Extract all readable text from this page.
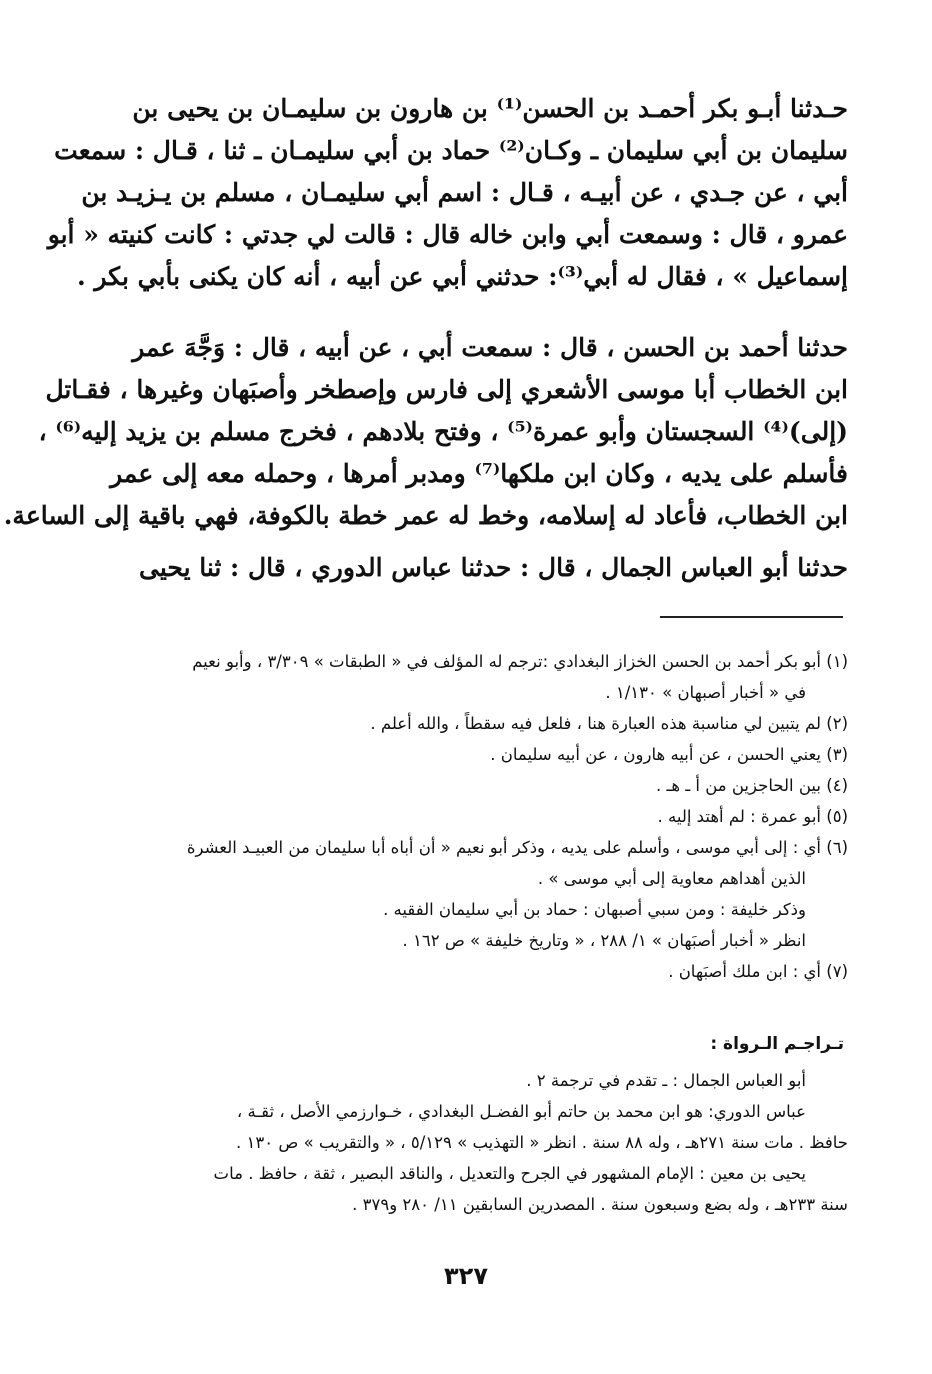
حـدثنا أبـو بكر أحمـد بن الحسن⁽¹⁾ بن هارون بن سليمـان بن يحيى بن
سليمان بن أبي سليمان ـ وكـان⁽²⁾ حماد بن أبي سليمـان ـ ثنا ، قـال : سمعت
أبي ، عن جـدي ، عن أبيـه ، قـال : اسم أبي سليمـان ، مسلم بن يـزيـد بن
عمرو ، قال : وسمعت أبي وابن خاله قال : قالت لي جدتي : كانت كنيته « أبو
إسماعيل » ، فقال له أبي⁽³⁾: حدثني أبي عن أبيه ، أنه كان يكنى بأبي بكر .
حدثنا أحمد بن الحسن ، قال : سمعت أبي ، عن أبيه ، قال : وَجَّهَ عمر
ابن الخطاب أبا موسى الأشعري إلى فارس وإصطخر وأصبَهان وغيرها ، فقـاتل
(إلى)⁽⁴⁾ السجستان وأبو عمرة⁽⁵⁾ ، وفتح بلادهم ، فخرج مسلم بن يزيد إليه⁽⁶⁾ ،
فأسلم على يديه ، وكان ابن ملكها⁽⁷⁾ ومدبر أمرها ، وحمله معه إلى عمر
ابن الخطاب، فأعاد له إسلامه، وخط له عمر خطة بالكوفة، فهي باقية إلى الساعة.
حدثنا أبو العباس الجمال ، قال : حدثنا عباس الدوري ، قال : ثنا يحيى
(١) أبو بكر أحمد بن الحسن الخزاز البغدادي :ترجم له المؤلف في « الطبقات » ٣/٣٠٩ ، وأبو نعيم
في « أخبار أصبهان » ١/١٣٠ .
(٢) لم يتبين لي مناسبة هذه العبارة هنا ، فلعل فيه سقطاً ، والله أعلم .
(٣) يعني الحسن ، عن أبيه هارون ، عن أبيه سليمان .
(٤) بين الحاجزين من أ ـ هـ .
(٥) أبو عمرة : لم أهتد إليه .
(٦) أي : إلى أبي موسى ، وأسلم على يديه ، وذكر أبو نعيم « أن أباه أبا سليمان من العبيـد العشرة
الذين أهداهم معاوية إلى أبي موسى » .
وذكر خليفة : ومن سبي أصبهان : حماد بن أبي سليمان الفقيه .
انظر « أخبار أصبَهان » ١/ ٢٨٨ ، « وتاريخ خليفة » ص ١٦٢ .
(٧) أي : ابن ملك أصبَهان .
تـراجـم الـرواة :
أبو العباس الجمال : ـ تقدم في ترجمة ٢ .
عباس الدوري: هو ابن محمد بن حاتم أبو الفضـل البغدادي ، خـوارزمي الأصل ، ثقـة ،
حافظ . مات سنة ٢٧١هـ ، وله ٨٨ سنة . انظر « التهذيب » ٥/١٢٩ ، « والتقريب » ص ١٣٠ .
يحيى بن معين : الإمام المشهور في الجرح والتعديل ، والناقد البصير ، ثقة ، حافظ . مات
سنة ٢٣٣هـ ، وله بضع وسبعون سنة . المصدرين السابقين ١١/ ٢٨٠ و٣٧٩ .
٣٢٧
